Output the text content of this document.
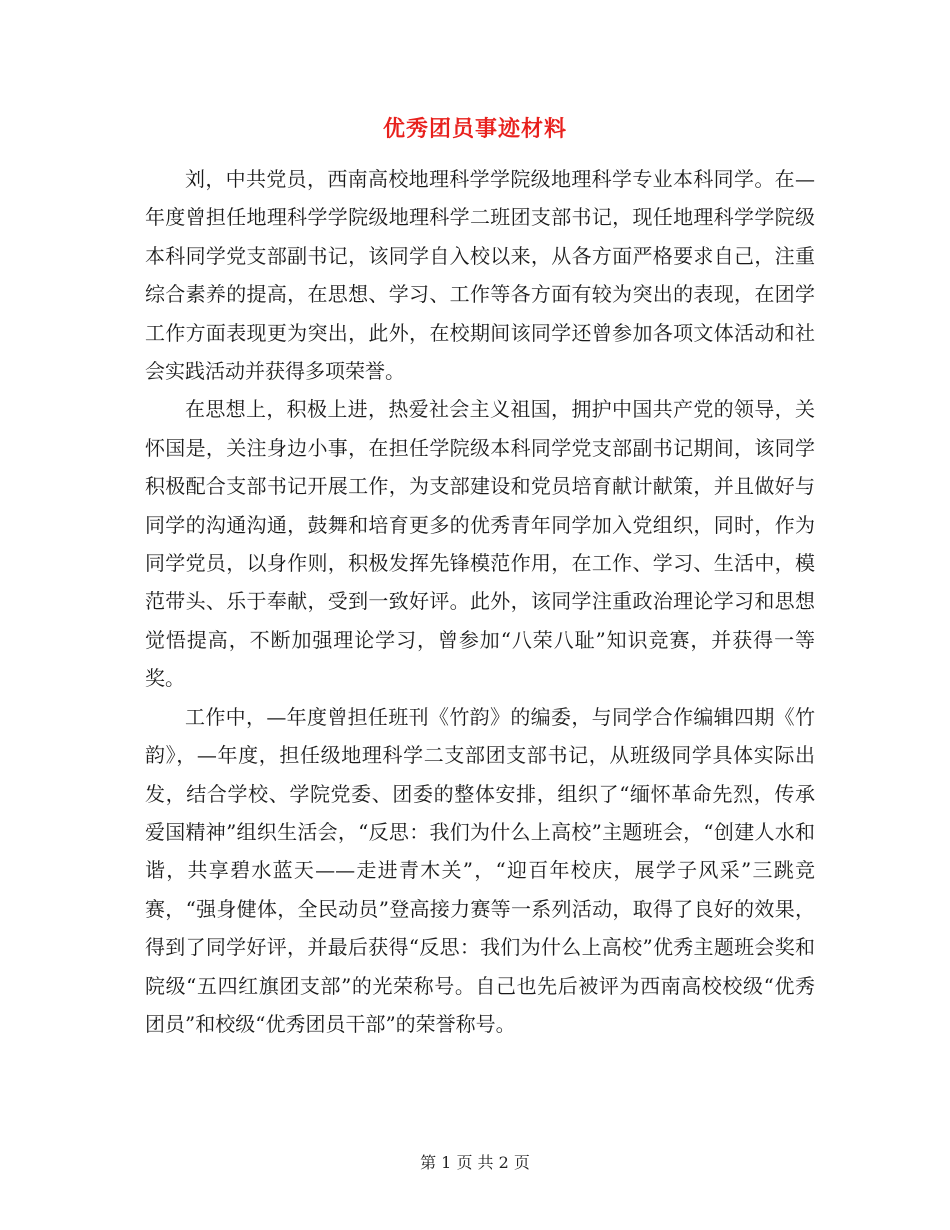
优秀团员事迹材料

刘，中共党员，西南高校地理科学学院级地理科学专业本科同学。在—年度曾担任地理科学学院级地理科学二班团支部书记，现任地理科学学院级本科同学党支部副书记，该同学自入校以来，从各方面严格要求自己，注重综合素养的提高，在思想、学习、工作等各方面有较为突出的表现，在团学工作方面表现更为突出，此外，在校期间该同学还曾参加各项文体活动和社会实践活动并获得多项荣誉。

在思想上，积极上进，热爱社会主义祖国，拥护中国共产党的领导，关怀国是，关注身边小事，在担任学院级本科同学党支部副书记期间，该同学积极配合支部书记开展工作，为支部建设和党员培育献计献策，并且做好与同学的沟通沟通，鼓舞和培育更多的优秀青年同学加入党组织，同时，作为同学党员，以身作则，积极发挥先锋模范作用，在工作、学习、生活中，模范带头、乐于奉献，受到一致好评。此外，该同学注重政治理论学习和思想觉悟提高，不断加强理论学习，曾参加“八荣八耻”知识竞赛，并获得一等奖。

工作中，—年度曾担任班刊《竹韵》的编委，与同学合作编辑四期《竹韵》，—年度，担任级地理科学二支部团支部书记，从班级同学具体实际出发，结合学校、学院党委、团委的整体安排，组织了“缅怀革命先烈，传承爱国精神”组织生活会，“反思：我们为什么上高校”主题班会，“创建人水和谐，共享碧水蓝天——走进青木关”，“迎百年校庆，展学子风采”三跳竞赛，“强身健体，全民动员”登高接力赛等一系列活动，取得了良好的效果，得到了同学好评，并最后获得“反思：我们为什么上高校”优秀主题班会奖和院级“五四红旗团支部”的光荣称号。自己也先后被评为西南高校校级“优秀团员”和校级“优秀团员干部”的荣誉称号。

第 1 页 共 2 页
